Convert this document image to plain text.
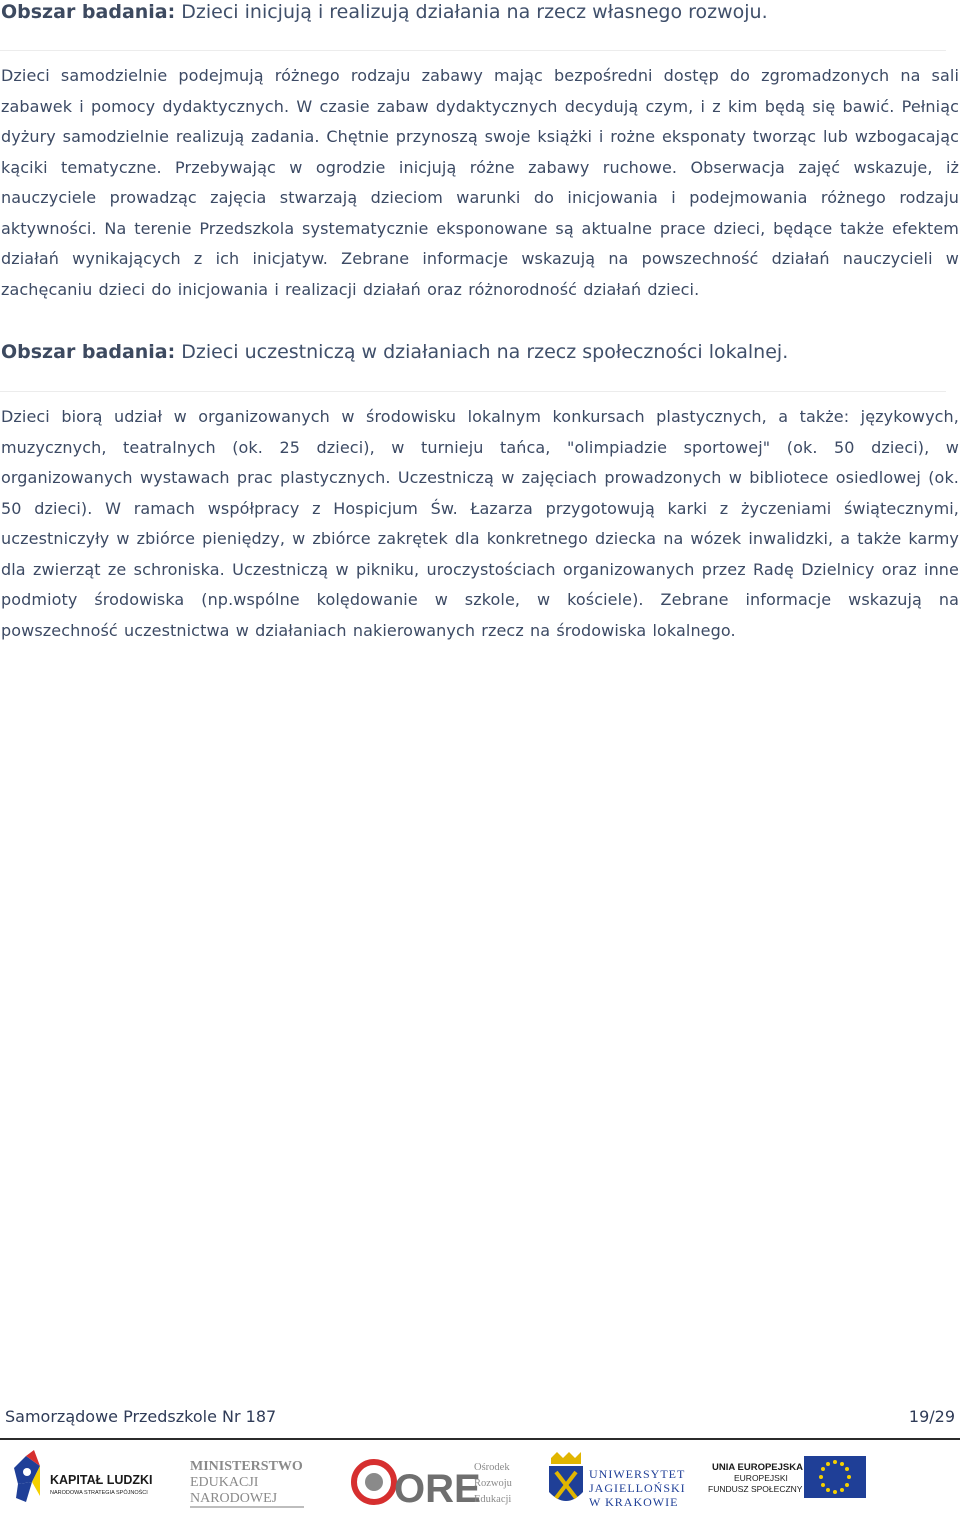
Obszar badania: Dzieci inicjują i realizują działania na rzecz własnego rozwoju.

Dzieci samodzielnie podejmują różnego rodzaju zabawy mając bezpośredni dostęp do zgromadzonych na sali zabawek i pomocy dydaktycznych. W czasie zabaw dydaktycznych decydują czym, i z kim będą się bawić. Pełniąc dyżury samodzielnie realizują zadania. Chętnie przynoszą swoje książki i rożne eksponaty tworząc lub wzbogacając kąciki tematyczne. Przebywając w ogrodzie inicjują różne zabawy ruchowe. Obserwacja zajęć wskazuje, iż nauczyciele prowadząc zajęcia stwarzają dzieciom warunki do inicjowania i podejmowania różnego rodzaju aktywności. Na terenie Przedszkola systematycznie eksponowane są aktualne prace dzieci, będące także efektem działań wynikających z ich inicjatyw. Zebrane informacje wskazują na powszechność działań nauczycieli w zachęcaniu dzieci do inicjowania i realizacji działań oraz różnorodność działań dzieci.

Obszar badania: Dzieci uczestniczą w działaniach na rzecz społeczności lokalnej.

Dzieci biorą udział w organizowanych w środowisku lokalnym konkursach plastycznych, a także: językowych, muzycznych, teatralnych (ok. 25 dzieci), w turnieju tańca, "olimpiadzie sportowej" (ok. 50 dzieci), w organizowanych wystawach prac plastycznych. Uczestniczą w zajęciach prowadzonych w bibliotece osiedlowej (ok. 50 dzieci). W ramach współpracy z Hospicjum Św. Łazarza przygotowują karki z życzeniami świątecznymi, uczestniczyły w zbiórce pieniędzy, w zbiórce zakrętek dla konkretnego dziecka na wózek inwalidzki, a także karmy dla zwierząt ze schroniska. Uczestniczą w pikniku, uroczystościach organizowanych przez Radę Dzielnicy oraz inne podmioty środowiska (np.wspólne kolędowanie w szkole, w kościele). Zebrane informacje wskazują na powszechność uczestnictwa w działaniach nakierowanych rzecz na środowiska lokalnego.

Samorządowe Przedszkole Nr 187	19/29
KAPITAŁ LUDZKI
NARODOWA STRATEGIA SPÓJNOŚCI
MINISTERSTWO
EDUKACJI
NARODOWEJ	ORE
Ośrodek
Rozwoju
Edukacji
UNIWERSYTET
JAGIELLOŃSKI
W KRAKOWIE
UNIA EUROPEJSKA
EUROPEJSKI
FUNDUSZ SPOŁECZNY
